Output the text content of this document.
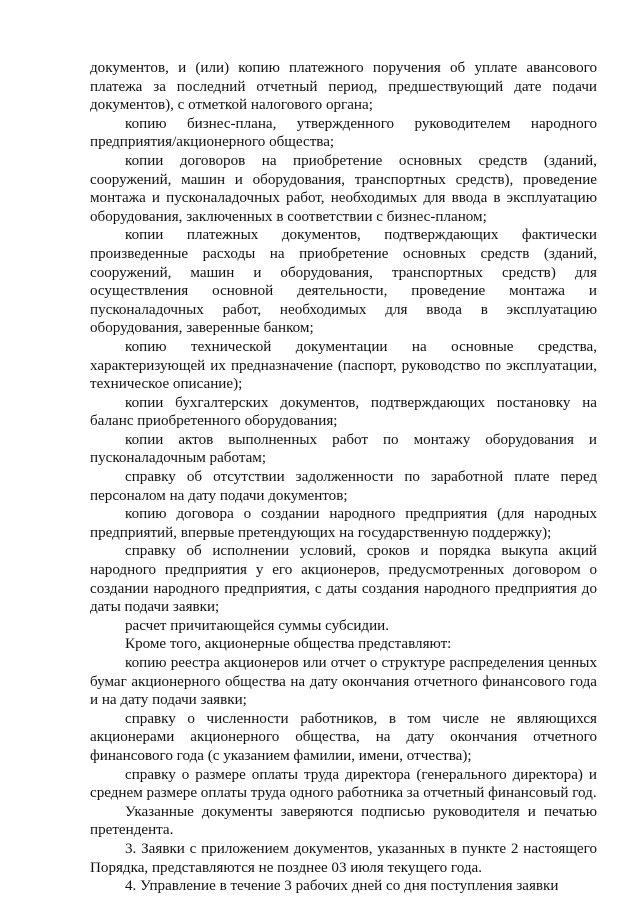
документов, и (или) копию платежного поручения об уплате авансового платежа за последний отчетный период, предшествующий дате подачи документов), с отметкой налогового органа;

копию бизнес-плана, утвержденного руководителем народного предприятия/акционерного общества;

копии договоров на приобретение основных средств (зданий, сооружений, машин и оборудования, транспортных средств), проведение монтажа и пусконаладочных работ, необходимых для ввода в эксплуатацию оборудования, заключенных в соответствии с бизнес-планом;

копии платежных документов, подтверждающих фактически произведенные расходы на приобретение основных средств (зданий, сооружений, машин и оборудования, транспортных средств) для осуществления основной деятельности, проведение монтажа и пусконаладочных работ, необходимых для ввода в эксплуатацию оборудования, заверенные банком;

копию технической документации на основные средства, характеризующей их предназначение (паспорт, руководство по эксплуатации, техническое описание);

копии бухгалтерских документов, подтверждающих постановку на баланс приобретенного оборудования;

копии актов выполненных работ по монтажу оборудования и пусконаладочным работам;

справку об отсутствии задолженности по заработной плате перед персоналом на дату подачи документов;

копию договора о создании народного предприятия (для народных предприятий, впервые претендующих на государственную поддержку);

справку об исполнении условий, сроков и порядка выкупа акций народного предприятия у его акционеров, предусмотренных договором о создании народного предприятия, с даты создания народного предприятия до даты подачи заявки;

расчет причитающейся суммы субсидии.

Кроме того, акционерные общества представляют:

копию реестра акционеров или отчет о структуре распределения ценных бумаг акционерного общества на дату окончания отчетного финансового года и на дату подачи заявки;

справку о численности работников, в том числе не являющихся акционерами акционерного общества, на дату окончания отчетного финансового года (с указанием фамилии, имени, отчества);

справку о размере оплаты труда директора (генерального директора) и среднем размере оплаты труда одного работника за отчетный финансовый год.

Указанные документы заверяются подписью руководителя и печатью претендента.

3. Заявки с приложением документов, указанных в пункте 2 настоящего Порядка, представляются не позднее 03 июля текущего года.

4. Управление в течение 3 рабочих дней со дня поступления заявки
